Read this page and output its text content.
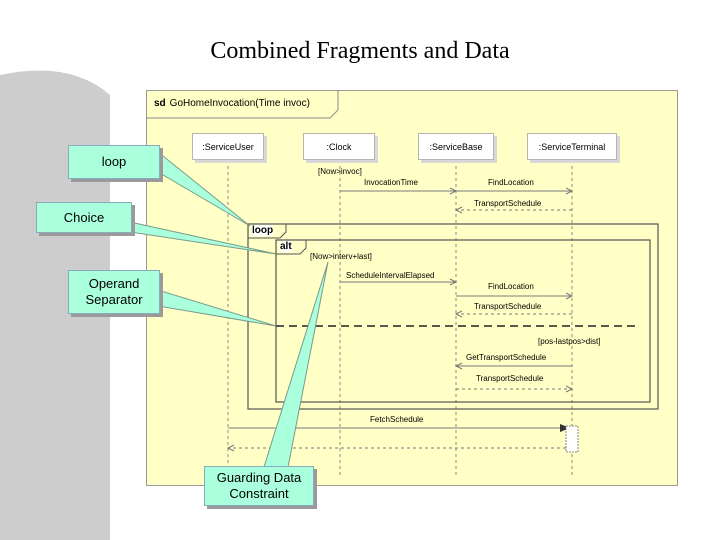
Combined Fragments and Data
sd GoHomeInvocation(Time invoc)
:ServiceUser	:Clock	:ServiceBase	:ServiceTerminal
[Now>invoc]
[Now>interv+last]
[pos-lastpos>dist]
InvocationTime	FindLocation
TransportSchedule
ScheduleIntervalElapsed
FindLocation
TransportSchedule
GetTransportSchedule
TransportSchedule
FetchSchedule
loop
alt
loop
Choice
Operand
Separator
Guarding Data
Constraint
